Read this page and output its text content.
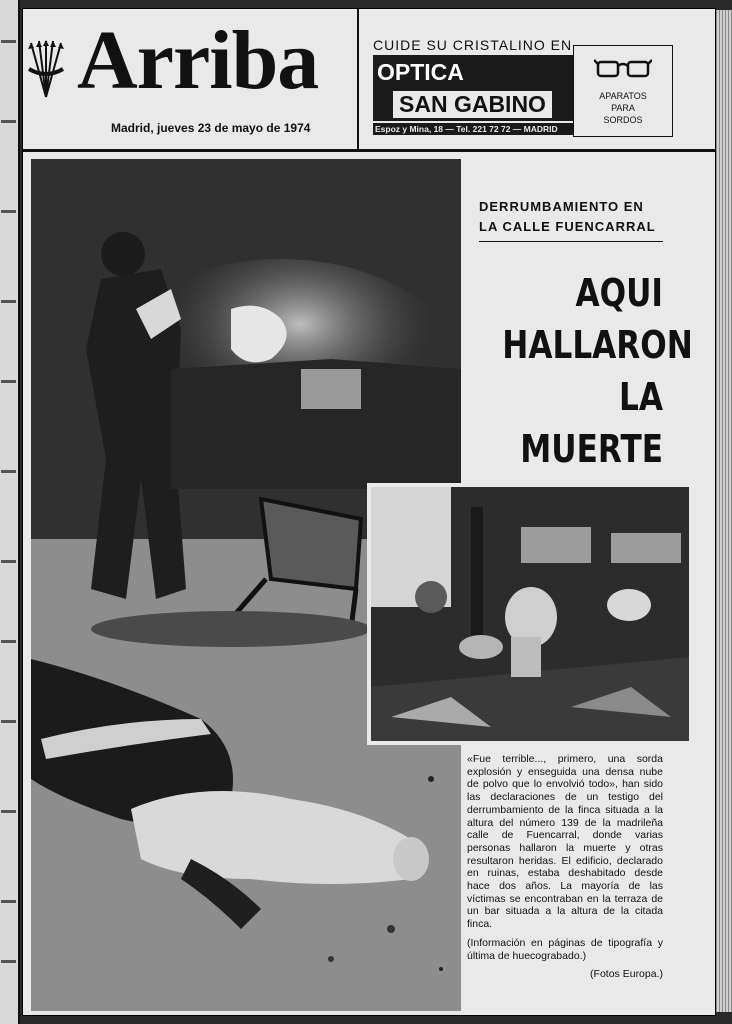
Arriba
Madrid, jueves 23 de mayo de 1974
CUIDE SU CRISTALINO EN
OPTICA
SAN GABINO
Espoz y Mina, 18 — Tel. 221 72 72 — MADRID
APARATOS
PARA
SORDOS
DERRUMBAMIENTO EN LA CALLE FUENCARRAL
AQUI
HALLARON
LA
MUERTE

«Fue terrible..., primero, una sorda explosión y enseguida una densa nube de polvo que lo envolvió todo», han sido las declaraciones de un testigo del derrumbamiento de la finca situada a la altura del número 139 de la madrileña calle de Fuencarral, donde varias personas hallaron la muerte y otras resultaron heridas. El edificio, declarado en ruinas, estaba deshabitado desde hace dos años. La mayoría de las víctimas se encontraban en la terraza de un bar situada a la altura de la citada finca.

(Información en páginas de tipografía y última de huecograbado.)

(Fotos Europa.)
